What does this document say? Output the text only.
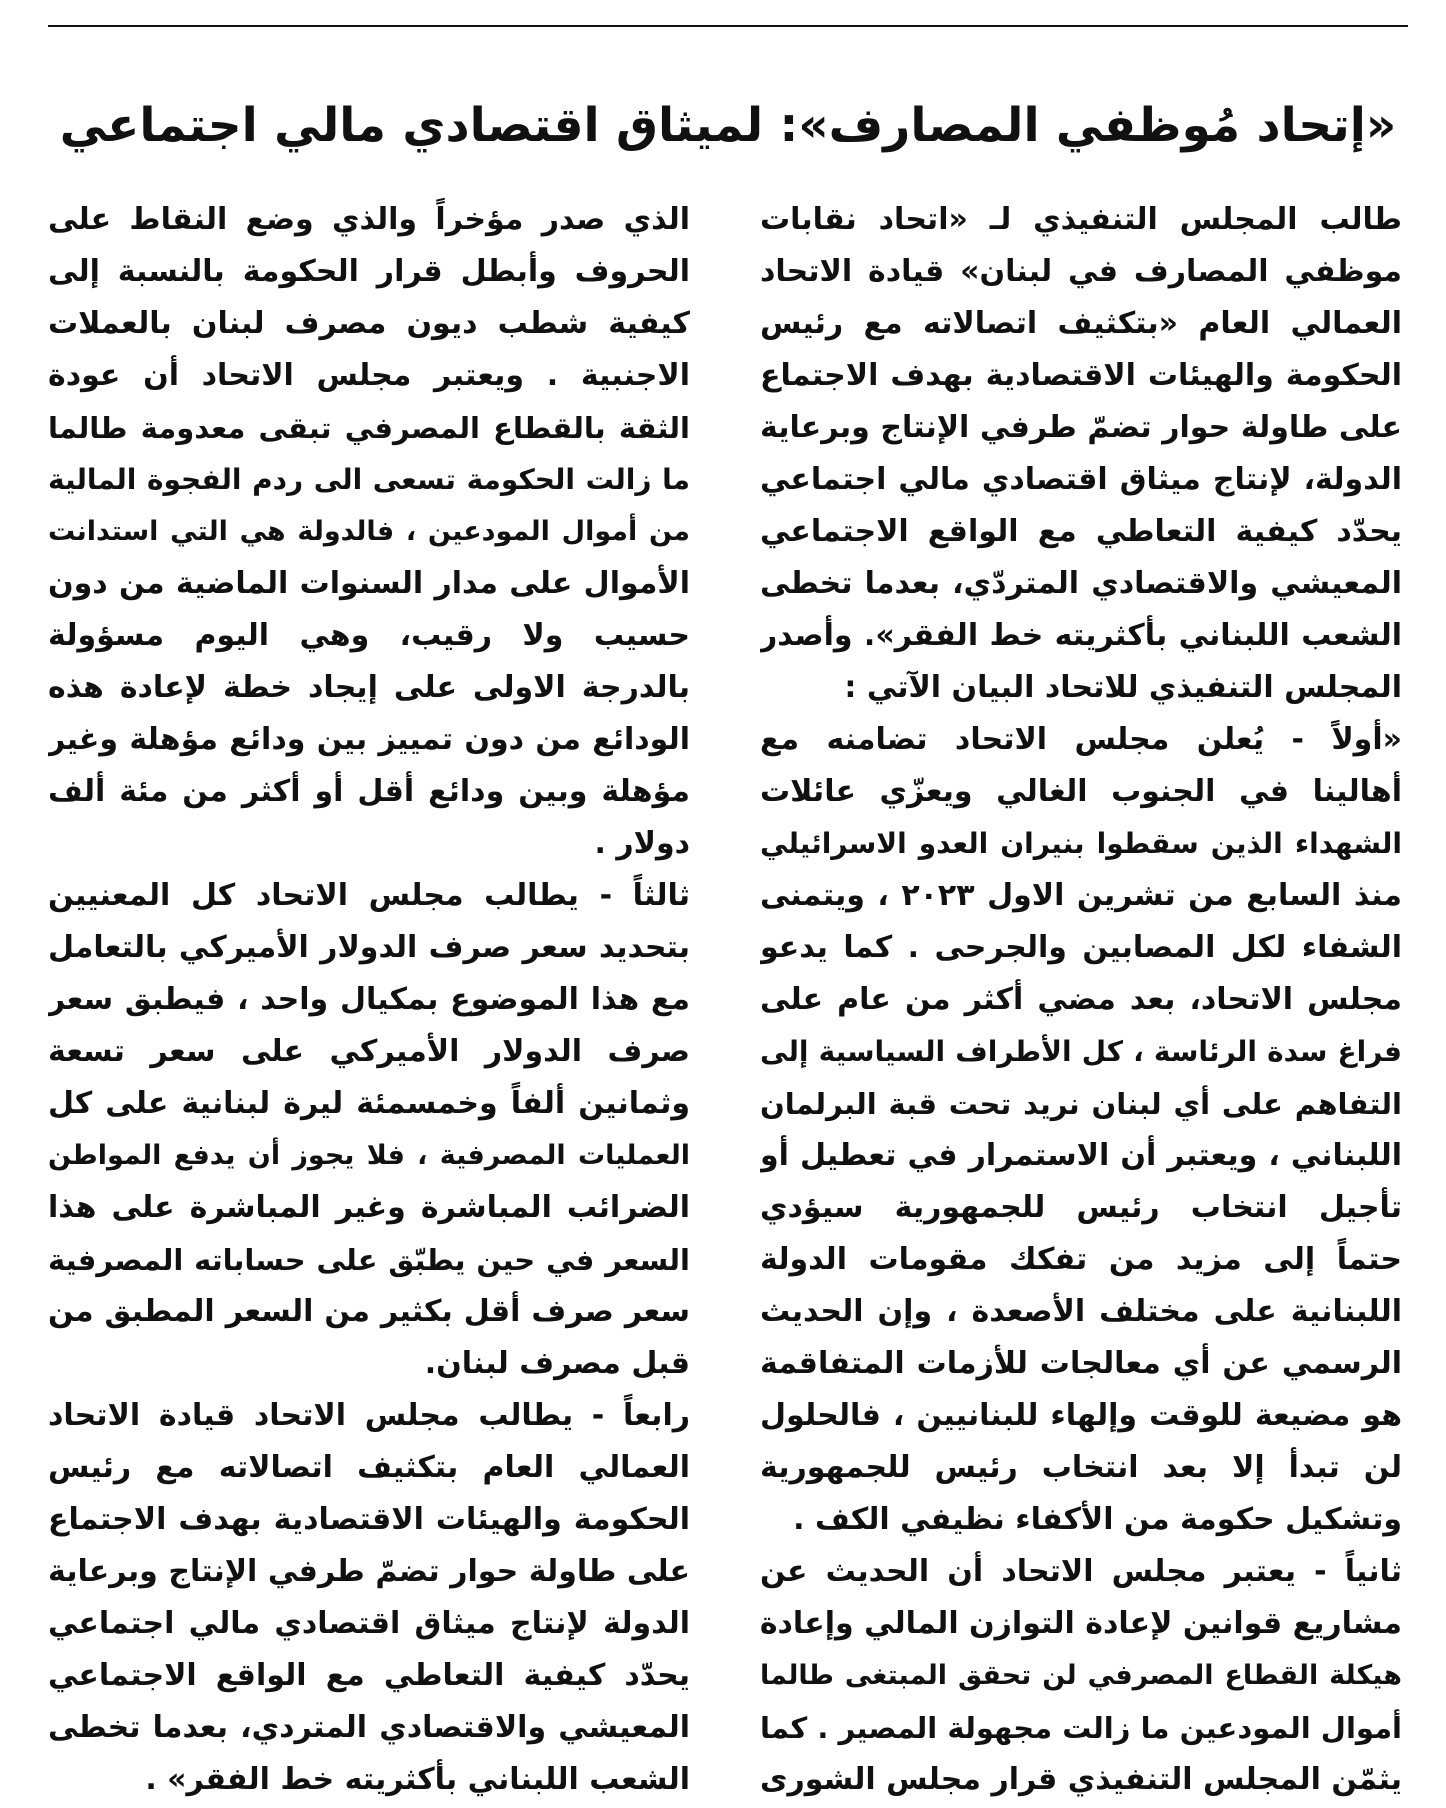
«إتحاد مُوظفي المصارف»: لميثاق اقتصادي مالي اجتماعي
طالب المجلس التنفيذي لـ «اتحاد نقابات
موظفي المصارف في لبنان» قيادة الاتحاد
العمالي العام «بتكثيف اتصالاته مع رئيس
الحكومة والهيئات الاقتصادية بهدف الاجتماع
على طاولة حوار تضمّ طرفي الإنتاج وبرعاية
الدولة، لإنتاج ميثاق اقتصادي مالي اجتماعي
يحدّد كيفية التعاطي مع الواقع الاجتماعي
المعيشي والاقتصادي المتردّي، بعدما تخطى
الشعب اللبناني بأكثريته خط الفقر». وأصدر
المجلس التنفيذي للاتحاد البيان الآتي :
«أولاً - يُعلن مجلس الاتحاد تضامنه مع
أهالينا في الجنوب الغالي ويعزّي عائلات
الشهداء الذين سقطوا بنيران العدو الاسرائيلي
منذ السابع من تشرين الاول ٢٠٢٣ ، ويتمنى
الشفاء لكل المصابين والجرحى . كما يدعو
مجلس الاتحاد، بعد مضي أكثر من عام على
فراغ سدة الرئاسة ، كل الأطراف السياسية إلى
التفاهم على أي لبنان نريد تحت قبة البرلمان
اللبناني ، ويعتبر أن الاستمرار في تعطيل أو
تأجيل انتخاب رئيس للجمهورية سيؤدي
حتماً إلى مزيد من تفكك مقومات الدولة
اللبنانية على مختلف الأصعدة ، وإن الحديث
الرسمي عن أي معالجات للأزمات المتفاقمة
هو مضيعة للوقت وإلهاء للبنانيين ، فالحلول
لن تبدأ إلا بعد انتخاب رئيس للجمهورية
وتشكيل حكومة من الأكفاء نظيفي الكف .
ثانياً - يعتبر مجلس الاتحاد أن الحديث عن
مشاريع قوانين لإعادة التوازن المالي وإعادة
هيكلة القطاع المصرفي لن تحقق المبتغى طالما
أموال المودعين ما زالت مجهولة المصير . كما
يثمّن المجلس التنفيذي قرار مجلس الشورى
الذي صدر مؤخراً والذي وضع النقاط على
الحروف وأبطل قرار الحكومة بالنسبة إلى
كيفية شطب ديون مصرف لبنان بالعملات
الاجنبية . ويعتبر مجلس الاتحاد أن عودة
الثقة بالقطاع المصرفي تبقى معدومة طالما
ما زالت الحكومة تسعى الى ردم الفجوة المالية
من أموال المودعين ، فالدولة هي التي استدانت
الأموال على مدار السنوات الماضية من دون
حسيب ولا رقيب، وهي اليوم مسؤولة
بالدرجة الاولى على إيجاد خطة لإعادة هذه
الودائع من دون تمييز بين ودائع مؤهلة وغير
مؤهلة وبين ودائع أقل أو أكثر من مئة ألف
دولار .
ثالثاً - يطالب مجلس الاتحاد كل المعنيين
بتحديد سعر صرف الدولار الأميركي بالتعامل
مع هذا الموضوع بمكيال واحد ، فيطبق سعر
صرف الدولار الأميركي على سعر تسعة
وثمانين ألفاً وخمسمئة ليرة لبنانية على كل
العمليات المصرفية ، فلا يجوز أن يدفع المواطن
الضرائب المباشرة وغير المباشرة على هذا
السعر في حين يطبّق على حساباته المصرفية
سعر صرف أقل بكثير من السعر المطبق من
قبل مصرف لبنان.
رابعاً - يطالب مجلس الاتحاد قيادة الاتحاد
العمالي العام بتكثيف اتصالاته مع رئيس
الحكومة والهيئات الاقتصادية بهدف الاجتماع
على طاولة حوار تضمّ طرفي الإنتاج وبرعاية
الدولة لإنتاج ميثاق اقتصادي مالي اجتماعي
يحدّد كيفية التعاطي مع الواقع الاجتماعي
المعيشي والاقتصادي المتردي، بعدما تخطى
الشعب اللبناني بأكثريته خط الفقر» .
